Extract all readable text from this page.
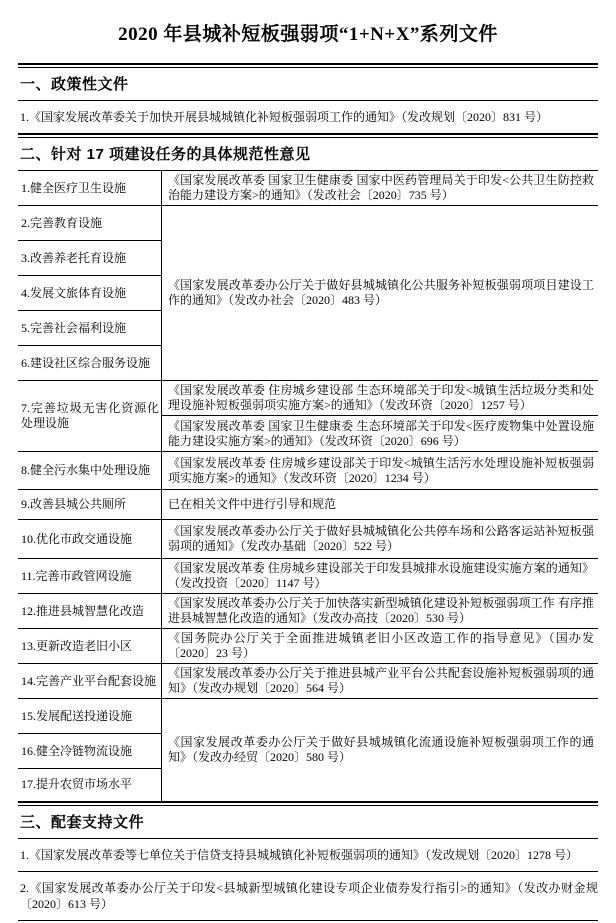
2020 年县城补短板强弱项“1+N+X”系列文件
一、政策性文件
1.《国家发展改革委关于加快开展县城城镇化补短板强弱项工作的通知》（发改规划〔2020〕831 号）
二、针对 17 项建设任务的具体规范性意见
1.健全医疗卫生设施	《国家发展改革委 国家卫生健康委 国家中医药管理局关于印发<公共卫生防控救治能力建设方案>的通知》（发改社会〔2020〕735 号）
2.完善教育设施	《国家发展改革委办公厅关于做好县城城镇化公共服务补短板强弱项项目建设工作的通知》（发改办社会〔2020〕483 号）
3.改善养老托育设施	
4.发展文旅体育设施	
5.完善社会福利设施	
6.建设社区综合服务设施	
7.完善垃圾无害化资源化处理设施	《国家发展改革委 住房城乡建设部 生态环境部关于印发<城镇生活垃圾分类和处理设施补短板强弱项实施方案>的通知》（发改环资〔2020〕1257 号）
	《国家发展改革委 国家卫生健康委 生态环境部关于印发<医疗废物集中处置设施能力建设实施方案>的通知》（发改环资〔2020〕696 号）
8.健全污水集中处理设施	《国家发展改革委 住房城乡建设部关于印发<城镇生活污水处理设施补短板强弱项实施方案>的通知》（发改环资〔2020〕1234 号）
9.改善县城公共厕所	已在相关文件中进行引导和规范
10.优化市政交通设施	《国家发展改革委办公厅关于做好县城城镇化公共停车场和公路客运站补短板强弱项的通知》（发改办基础〔2020〕522 号）
11.完善市政管网设施	《国家发展改革委 住房城乡建设部关于印发县城排水设施建设实施方案的通知》（发改投资〔2020〕1147 号）
12.推进县城智慧化改造	《国家发展改革委办公厅关于加快落实新型城镇化建设补短板强弱项工作 有序推进县城智慧化改造的通知》（发改办高技〔2020〕530 号）
13.更新改造老旧小区	《国务院办公厅关于全面推进城镇老旧小区改造工作的指导意见》（国办发〔2020〕23 号）
14.完善产业平台配套设施	《国家发展改革委办公厅关于推进县城产业平台公共配套设施补短板强弱项的通知》（发改办规划〔2020〕564 号）
15.发展配送投递设施	《国家发展改革委办公厅关于做好县城城镇化流通设施补短板强弱项工作的通知》（发改办经贸〔2020〕580 号）
16.健全冷链物流设施	
17.提升农贸市场水平	
三、配套支持文件
1.《国家发展改革委等七单位关于信贷支持县城城镇化补短板强弱项的通知》（发改规划〔2020〕1278 号）
2.《国家发展改革委办公厅关于印发<县城新型城镇化建设专项企业债券发行指引>的通知》（发改办财金规〔2020〕613 号）
